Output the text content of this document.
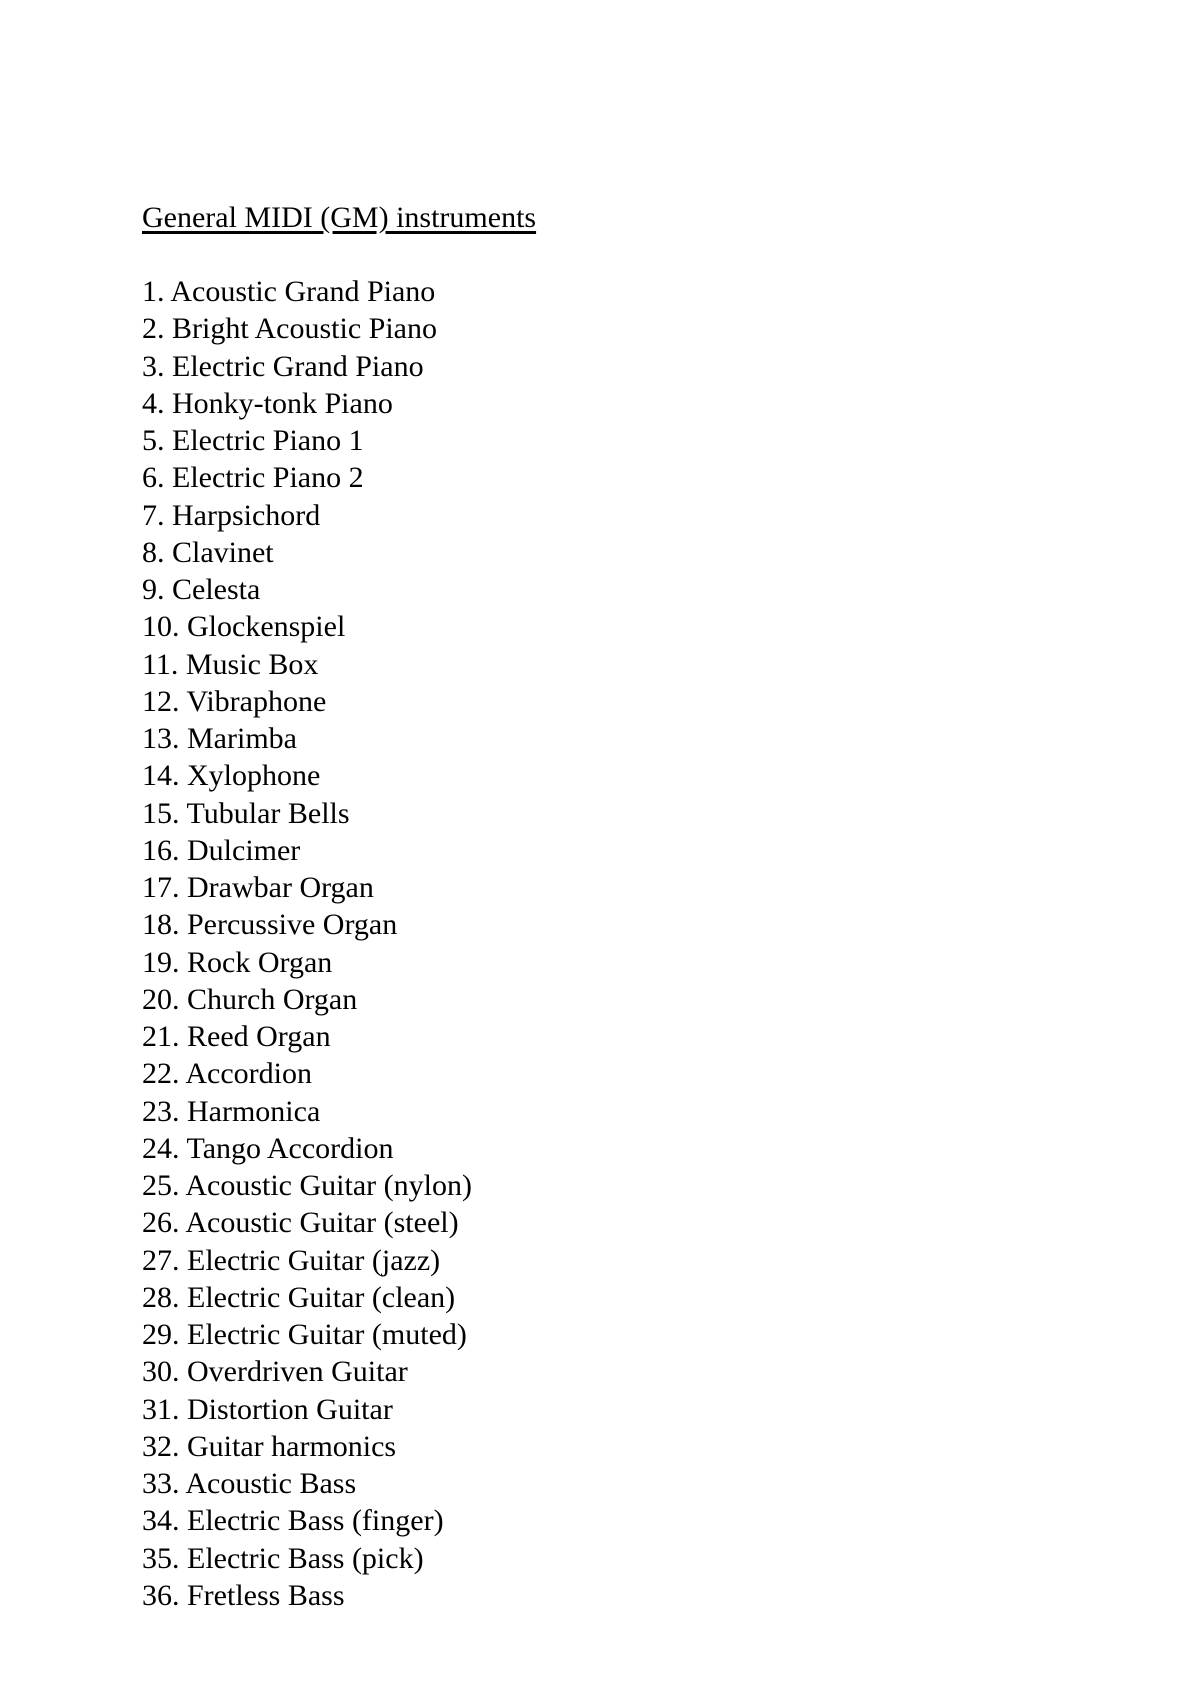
General MIDI (GM) instruments
1. Acoustic Grand Piano
2. Bright Acoustic Piano
3. Electric Grand Piano
4. Honky-tonk Piano
5. Electric Piano 1
6. Electric Piano 2
7. Harpsichord
8. Clavinet
9. Celesta
10. Glockenspiel
11. Music Box
12. Vibraphone
13. Marimba
14. Xylophone
15. Tubular Bells
16. Dulcimer
17. Drawbar Organ
18. Percussive Organ
19. Rock Organ
20. Church Organ
21. Reed Organ
22. Accordion
23. Harmonica
24. Tango Accordion
25. Acoustic Guitar (nylon)
26. Acoustic Guitar (steel)
27. Electric Guitar (jazz)
28. Electric Guitar (clean)
29. Electric Guitar (muted)
30. Overdriven Guitar
31. Distortion Guitar
32. Guitar harmonics
33. Acoustic Bass
34. Electric Bass (finger)
35. Electric Bass (pick)
36. Fretless Bass
